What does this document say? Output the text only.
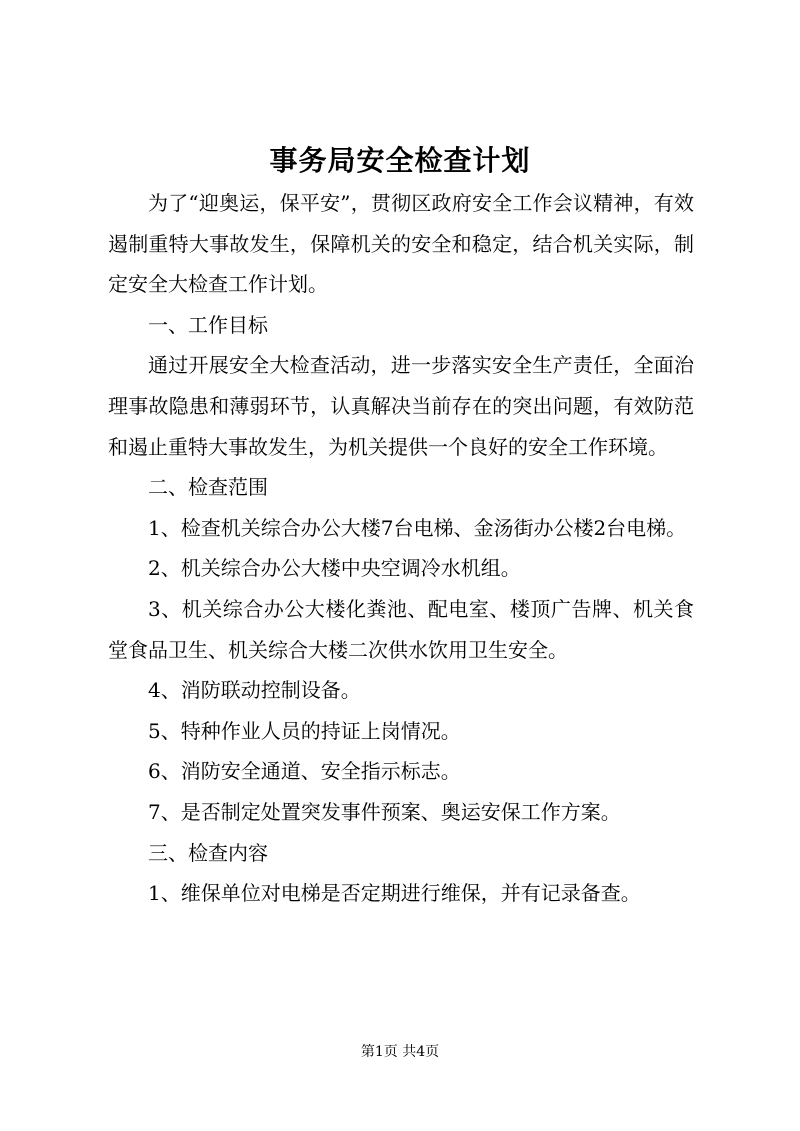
事务局安全检查计划

为了“迎奥运，保平安”，贯彻区政府安全工作会议精神，有效遏制重特大事故发生，保障机关的安全和稳定，结合机关实际，制定安全大检查工作计划。

一、工作目标

通过开展安全大检查活动，进一步落实安全生产责任，全面治理事故隐患和薄弱环节，认真解决当前存在的突出问题，有效防范和遏止重特大事故发生，为机关提供一个良好的安全工作环境。

二、检查范围

1、检查机关综合办公大楼7台电梯、金汤街办公楼2台电梯。

2、机关综合办公大楼中央空调冷水机组。

3、机关综合办公大楼化粪池、配电室、楼顶广告牌、机关食堂食品卫生、机关综合大楼二次供水饮用卫生安全。

4、消防联动控制设备。

5、特种作业人员的持证上岗情况。

6、消防安全通道、安全指示标志。

7、是否制定处置突发事件预案、奥运安保工作方案。

三、检查内容

1、维保单位对电梯是否定期进行维保，并有记录备查。

第1页 共4页
